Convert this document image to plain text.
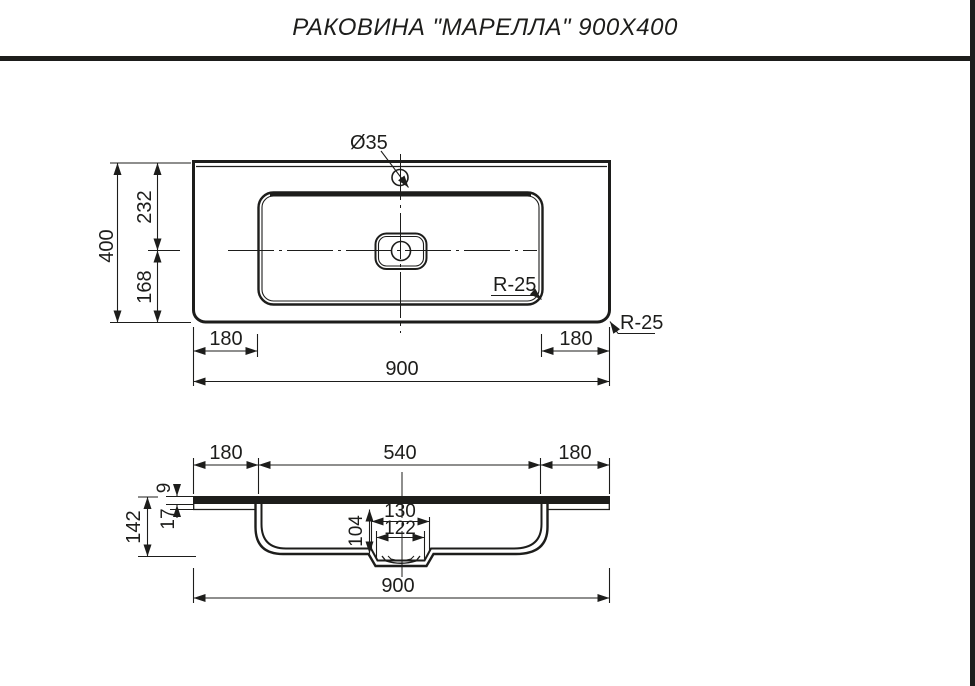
РАКОВИНА "МАРЕЛЛА" 900X400
Ø35
400
232
168
180	180
900
R-25
R-25
180	540	180
104
130
122
142
9
17
900
